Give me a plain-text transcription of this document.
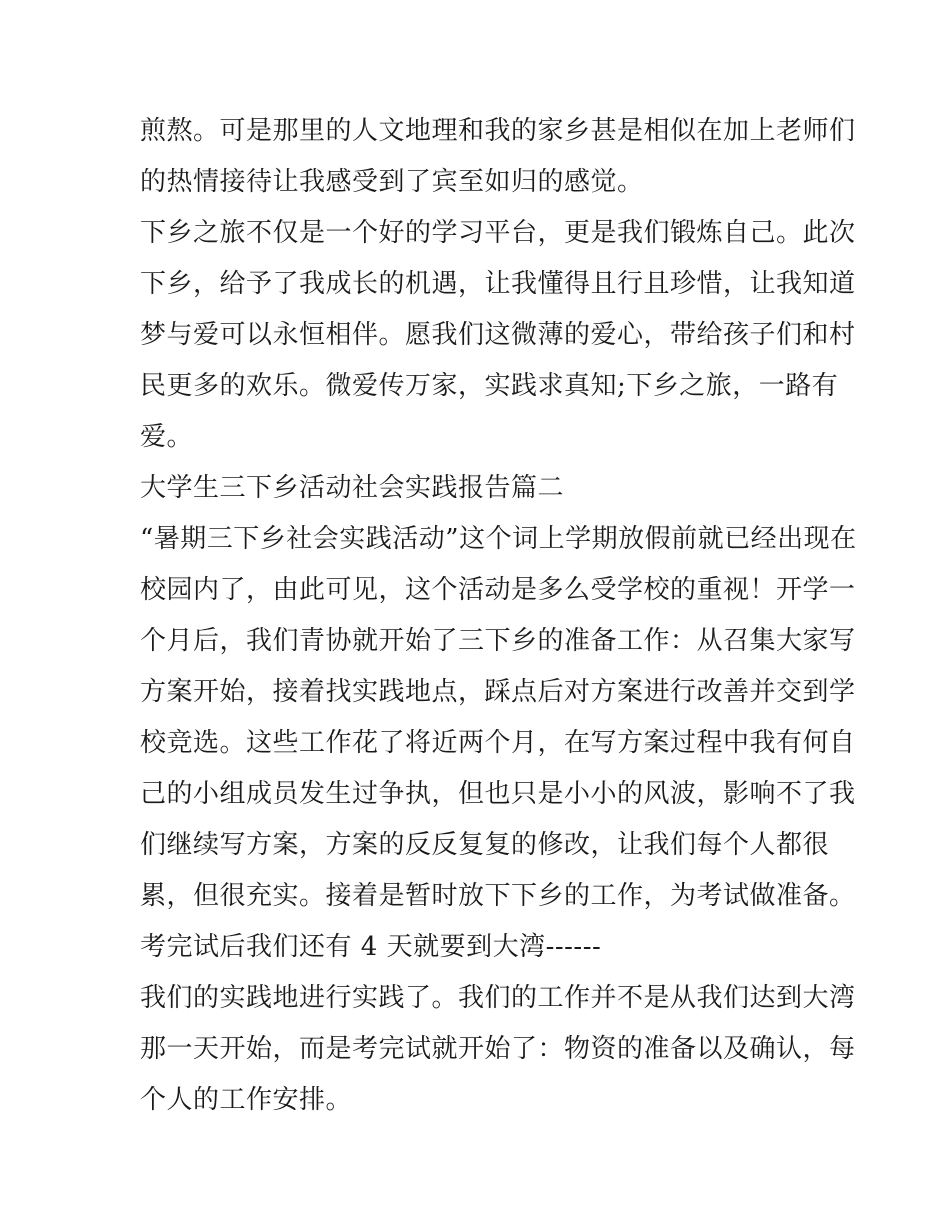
煎熬。可是那里的人文地理和我的家乡甚是相似在加上老师们
的热情接待让我感受到了宾至如归的感觉。
下乡之旅不仅是一个好的学习平台，更是我们锻炼自己。此次
下乡，给予了我成长的机遇，让我懂得且行且珍惜，让我知道
梦与爱可以永恒相伴。愿我们这微薄的爱心，带给孩子们和村
民更多的欢乐。微爱传万家，实践求真知;下乡之旅，一路有
爱。
大学生三下乡活动社会实践报告篇二
“暑期三下乡社会实践活动”这个词上学期放假前就已经出现在
校园内了，由此可见，这个活动是多么受学校的重视！开学一
个月后，我们青协就开始了三下乡的准备工作：从召集大家写
方案开始，接着找实践地点，踩点后对方案进行改善并交到学
校竞选。这些工作花了将近两个月，在写方案过程中我有何自
己的小组成员发生过争执，但也只是小小的风波，影响不了我
们继续写方案，方案的反反复复的修改，让我们每个人都很
累，但很充实。接着是暂时放下下乡的工作，为考试做准备。
考完试后我们还有 4 天就要到大湾------
我们的实践地进行实践了。我们的工作并不是从我们达到大湾
那一天开始，而是考完试就开始了：物资的准备以及确认，每
个人的工作安排。
